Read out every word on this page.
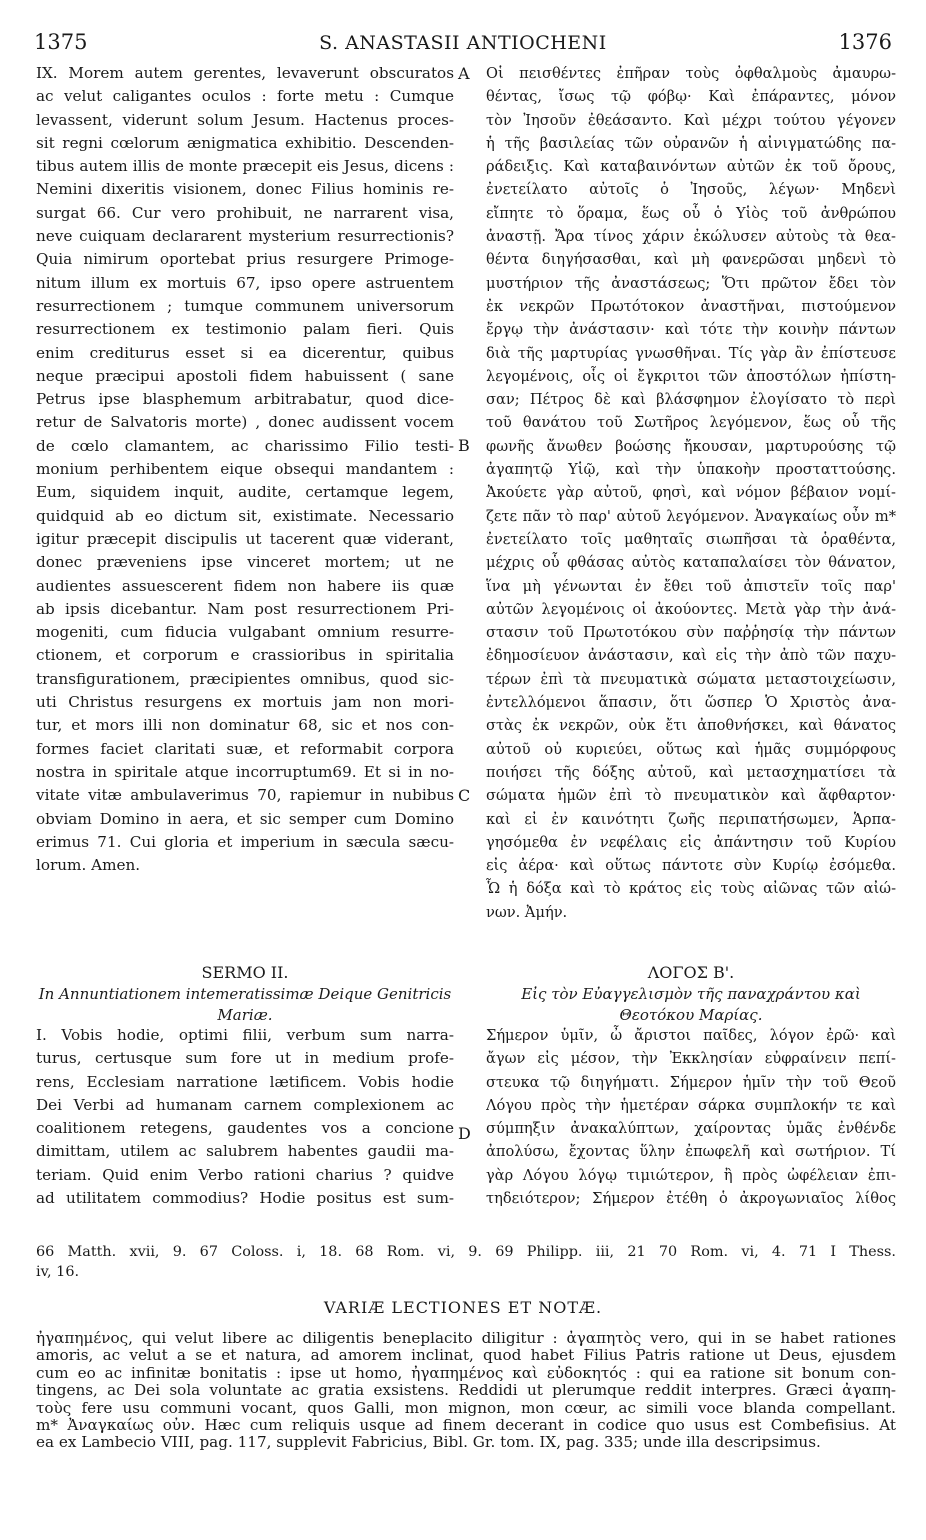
1375	S. ANASTASII ANTIOCHENI	1376
IX. Morem autem gerentes, levaverunt obscuratos
ac velut caligantes oculos : forte metu : Cumque
levassent, viderunt solum Jesum. Hactenus proces-
sit regni cœlorum ænigmatica exhibitio. Descenden-
tibus autem illis de monte præcepit eis Jesus, dicens :
Nemini dixeritis visionem, donec Filius hominis re-
surgat 66. Cur vero prohibuit, ne narrarent visa,
neve cuiquam declararent mysterium resurrectionis?
Quia nimirum oportebat prius resurgere Primoge-
nitum illum ex mortuis 67, ipso opere astruentem
resurrectionem ; tumque communem universorum
resurrectionem ex testimonio palam fieri. Quis
enim crediturus esset si ea dicerentur, quibus
neque præcipui apostoli fidem habuissent ( sane
Petrus ipse blasphemum arbitrabatur, quod dice-
retur de Salvatoris morte) , donec audissent vocem
de cœlo clamantem, ac charissimo Filio testi-
monium perhibentem eique obsequi mandantem :
Eum, siquidem inquit, audite, certamque legem,
quidquid ab eo dictum sit, existimate. Necessario
igitur præcepit discipulis ut tacerent quæ viderant,
donec præveniens ipse vinceret mortem; ut ne
audientes assuescerent fidem non habere iis quæ
ab ipsis dicebantur. Nam post resurrectionem Pri-
mogeniti, cum fiducia vulgabant omnium resurre-
ctionem, et corporum e crassioribus in spiritalia
transfigurationem, præcipientes omnibus, quod sic-
uti Christus resurgens ex mortuis jam non mori-
tur, et mors illi non dominatur 68, sic et nos con-
formes faciet claritati suæ, et reformabit corpora
nostra in spiritale atque incorruptum69. Et si in no-
vitate vitæ ambulaverimus 70, rapiemur in nubibus
obviam Domino in aera, et sic semper cum Domino
erimus 71. Cui gloria et imperium in sæcula sæcu-
lorum. Amen.
Οἱ πεισθέντες ἐπῆραν τοὺς ὀφθαλμοὺς ἀμαυρω-
θέντας, ἴσως τῷ φόβῳ· Καὶ ἐπάραντες, μόνον
τὸν Ἰησοῦν ἐθεάσαντο. Καὶ μέχρι τούτου γέγονεν
ἡ τῆς βασιλείας τῶν οὐρανῶν ἡ αἰνιγματώδης πα-
ράδειξις. Καὶ καταβαινόντων αὐτῶν ἐκ τοῦ ὄρους,
ἐνετείλατο αὐτοῖς ὁ Ἰησοῦς, λέγων· Μηδενὶ
εἴπητε τὸ ὅραμα, ἕως οὗ ὁ Υἱὸς τοῦ ἀνθρώπου
ἀναστῇ. Ἄρα τίνος χάριν ἐκώλυσεν αὐτοὺς τὰ θεα-
θέντα διηγήσασθαι, καὶ μὴ φανερῶσαι μηδενὶ τὸ
μυστήριον τῆς ἀναστάσεως; Ὅτι πρῶτον ἔδει τὸν
ἐκ νεκρῶν Πρωτότοκον ἀναστῆναι, πιστούμενον
ἔργῳ τὴν ἀνάστασιν· καὶ τότε τὴν κοινὴν πάντων
διὰ τῆς μαρτυρίας γνωσθῆναι. Τίς γὰρ ἂν ἐπίστευσε
λεγομένοις, οἷς οἱ ἔγκριτοι τῶν ἀποστόλων ἠπίστη-
σαν; Πέτρος δὲ καὶ βλάσφημον ἐλογίσατο τὸ περὶ
τοῦ θανάτου τοῦ Σωτῆρος λεγόμενον, ἕως οὗ τῆς
φωνῆς ἄνωθεν βοώσης ἤκουσαν, μαρτυρούσης τῷ
ἀγαπητῷ Υἱῷ, καὶ τὴν ὑπακοὴν προσταττούσης.
Ἀκούετε γὰρ αὐτοῦ, φησὶ, καὶ νόμον βέβαιον νομί-
ζετε πᾶν τὸ παρ' αὐτοῦ λεγόμενον. Ἀναγκαίως οὖν m*
ἐνετείλατο τοῖς μαθηταῖς σιωπῆσαι τὰ ὁραθέντα,
μέχρις οὗ φθάσας αὐτὸς καταπαλαίσει τὸν θάνατον,
ἵνα μὴ γένωνται ἐν ἔθει τοῦ ἀπιστεῖν τοῖς παρ'
αὐτῶν λεγομένοις οἱ ἀκούοντες. Μετὰ γὰρ τὴν ἀνά-
στασιν τοῦ Πρωτοτόκου σὺν παῤῥησίᾳ τὴν πάντων
ἐδημοσίευον ἀνάστασιν, καὶ εἰς τὴν ἀπὸ τῶν παχυ-
τέρων ἐπὶ τὰ πνευματικὰ σώματα μεταστοιχείωσιν,
ἐντελλόμενοι ἅπασιν, ὅτι ὥσπερ Ὁ Χριστὸς ἀνα-
στὰς ἐκ νεκρῶν, οὐκ ἔτι ἀποθνήσκει, καὶ θάνατος
αὐτοῦ οὐ κυριεύει, οὕτως καὶ ἡμᾶς συμμόρφους
ποιήσει τῆς δόξης αὐτοῦ, καὶ μετασχηματίσει τὰ
σώματα ἡμῶν ἐπὶ τὸ πνευματικὸν καὶ ἄφθαρτον·
καὶ εἰ ἐν καινότητι ζωῆς περιπατήσωμεν, Ἁρπα-
γησόμεθα ἐν νεφέλαις εἰς ἀπάντησιν τοῦ Κυρίου
εἰς ἀέρα· καὶ οὕτως πάντοτε σὺν Κυρίῳ ἐσόμεθα.
Ὧ ἡ δόξα καὶ τὸ κράτος εἰς τοὺς αἰῶνας τῶν αἰώ-
νων. Ἀμήν.
A
B
C
D
SERMO II.
In Annuntiationem intemeratissimæ Deique Genitricis
Mariæ.
ΛΟΓΟΣ Β'.
Εἰς τὸν Εὐαγγελισμὸν τῆς παναχράντου καὶ
Θεοτόκου Μαρίας.
I. Vobis hodie, optimi filii, verbum sum narra-
turus, certusque sum fore ut in medium profe-
rens, Ecclesiam narratione lætificem. Vobis hodie
Dei Verbi ad humanam carnem complexionem ac
coalitionem retegens, gaudentes vos a concione
dimittam, utilem ac salubrem habentes gaudii ma-
teriam. Quid enim Verbo rationi charius ? quidve
ad utilitatem commodius? Hodie positus est sum-
Σήμερον ὑμῖν, ὦ ἄριστοι παῖδες, λόγον ἐρῶ· καὶ
ἄγων εἰς μέσον, τὴν Ἐκκλησίαν εὐφραίνειν πεπί-
στευκα τῷ διηγήματι. Σήμερον ἡμῖν τὴν τοῦ Θεοῦ
Λόγου πρὸς τὴν ἡμετέραν σάρκα συμπλοκήν τε καὶ
σύμπηξιν ἀνακαλύπτων, χαίροντας ὑμᾶς ἐνθένδε
ἀπολύσω, ἔχοντας ὕλην ἐπωφελῆ καὶ σωτήριον. Τί
γὰρ Λόγου λόγῳ τιμιώτερον, ἢ πρὸς ὠφέλειαν ἐπι-
τηδειότερον; Σήμερον ἐτέθη ὁ ἀκρογωνιαῖος λίθος
66 Matth. xvii, 9. 67 Coloss. i, 18. 68 Rom. vi, 9. 69 Philipp. iii, 21 70 Rom. vi, 4. 71 I Thess.
iv, 16.
VARIÆ LECTIONES ET NOTÆ.
ἠγαπημένος, qui velut libere ac diligentis beneplacito diligitur : ἀγαπητὸς vero, qui in se habet rationes
amoris, ac velut a se et natura, ad amorem inclinat, quod habet Filius Patris ratione ut Deus, ejusdem
cum eo ac infinitæ bonitatis : ipse ut homo, ἠγαπημένος καὶ εὐδοκητός : qui ea ratione sit bonum con-
tingens, ac Dei sola voluntate ac gratia exsistens. Reddidi ut plerumque reddit interpres. Græci ἀγαπη-
τοὺς fere usu communi vocant, quos Galli, mon mignon, mon cœur, ac simili voce blanda compellant.
m* Ἀναγκαίως οὖν. Hæc cum reliquis usque ad finem decerant in codice quo usus est Combefisius. At
ea ex Lambecio VIII, pag. 117, supplevit Fabricius, Bibl. Gr. tom. IX, pag. 335; unde illa descripsimus.
